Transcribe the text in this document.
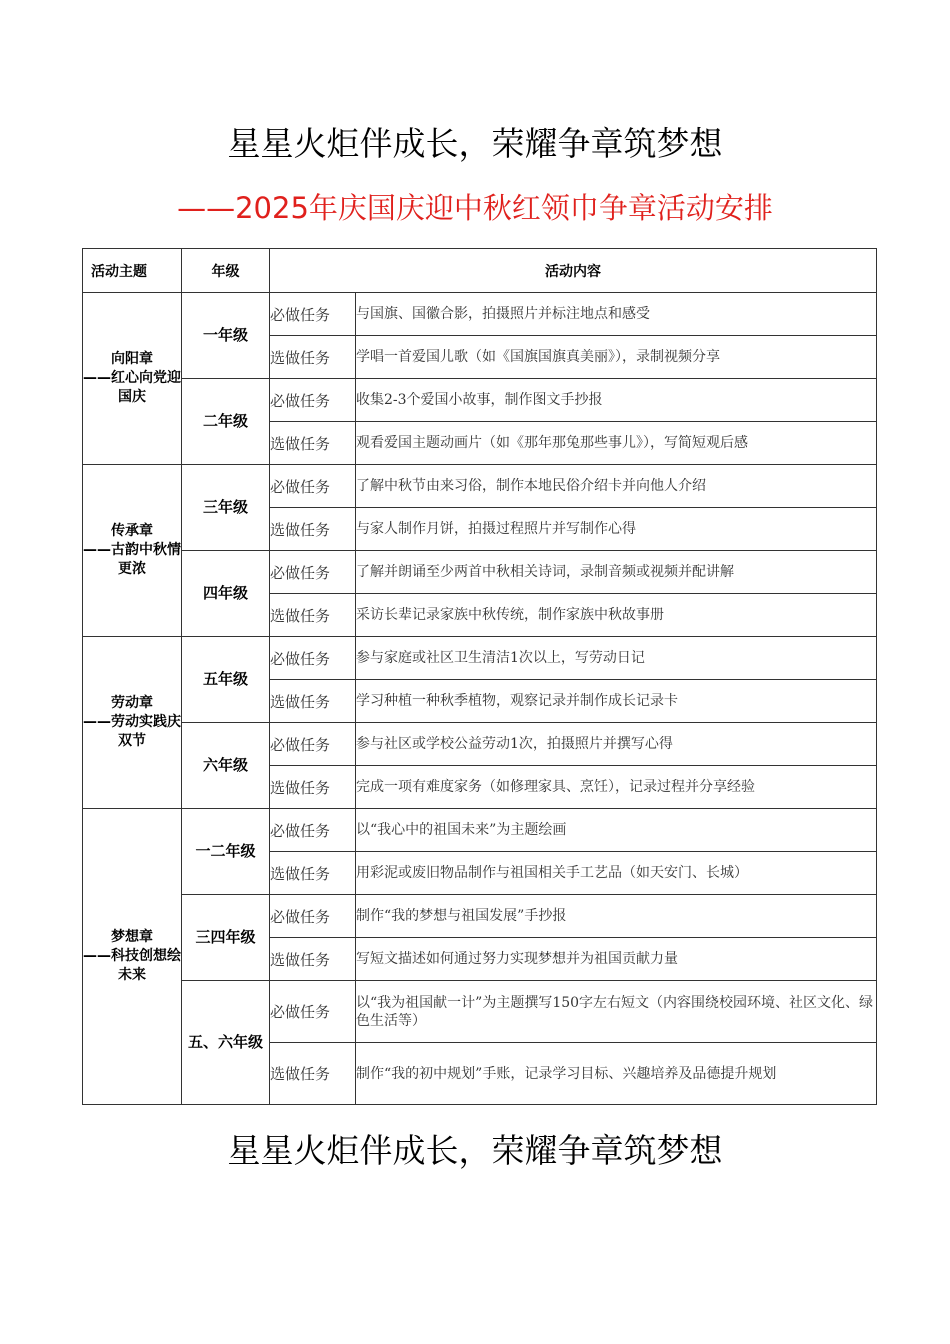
星星火炬伴成长，荣耀争章筑梦想
——2025年庆国庆迎中秋红领巾争章活动安排
活动主题	年级	活动内容	

向阳章
——红心向党迎国庆	一年级	必做任务	与国旗、国徽合影，拍摄照片并标注地点和感受
		选做任务	学唱一首爱国儿歌（如《国旗国旗真美丽》），录制视频分享
	二年级	必做任务	收集2-3个爱国小故事，制作图文手抄报
		选做任务	观看爱国主题动画片（如《那年那兔那些事儿》），写简短观后感

传承章
——古韵中秋情更浓	三年级	必做任务	了解中秋节由来习俗，制作本地民俗介绍卡并向他人介绍
		选做任务	与家人制作月饼，拍摄过程照片并写制作心得
	四年级	必做任务	了解并朗诵至少两首中秋相关诗词，录制音频或视频并配讲解
		选做任务	采访长辈记录家族中秋传统，制作家族中秋故事册

劳动章
——劳动实践庆双节	五年级	必做任务	参与家庭或社区卫生清洁1次以上，写劳动日记
		选做任务	学习种植一种秋季植物，观察记录并制作成长记录卡
	六年级	必做任务	参与社区或学校公益劳动1次，拍摄照片并撰写心得
		选做任务	完成一项有难度家务（如修理家具、烹饪），记录过程并分享经验

梦想章
——科技创想绘未来	一二年级	必做任务	以“我心中的祖国未来”为主题绘画
		选做任务	用彩泥或废旧物品制作与祖国相关手工艺品（如天安门、长城）
	三四年级	必做任务	制作“我的梦想与祖国发展”手抄报
		选做任务	写短文描述如何通过努力实现梦想并为祖国贡献力量
	五、六年级	必做任务	以“我为祖国献一计”为主题撰写150字左右短文（内容围绕校园环境、社区文化、绿色生活等）
		选做任务	制作“我的初中规划”手账，记录学习目标、兴趣培养及品德提升规划
星星火炬伴成长，荣耀争章筑梦想
